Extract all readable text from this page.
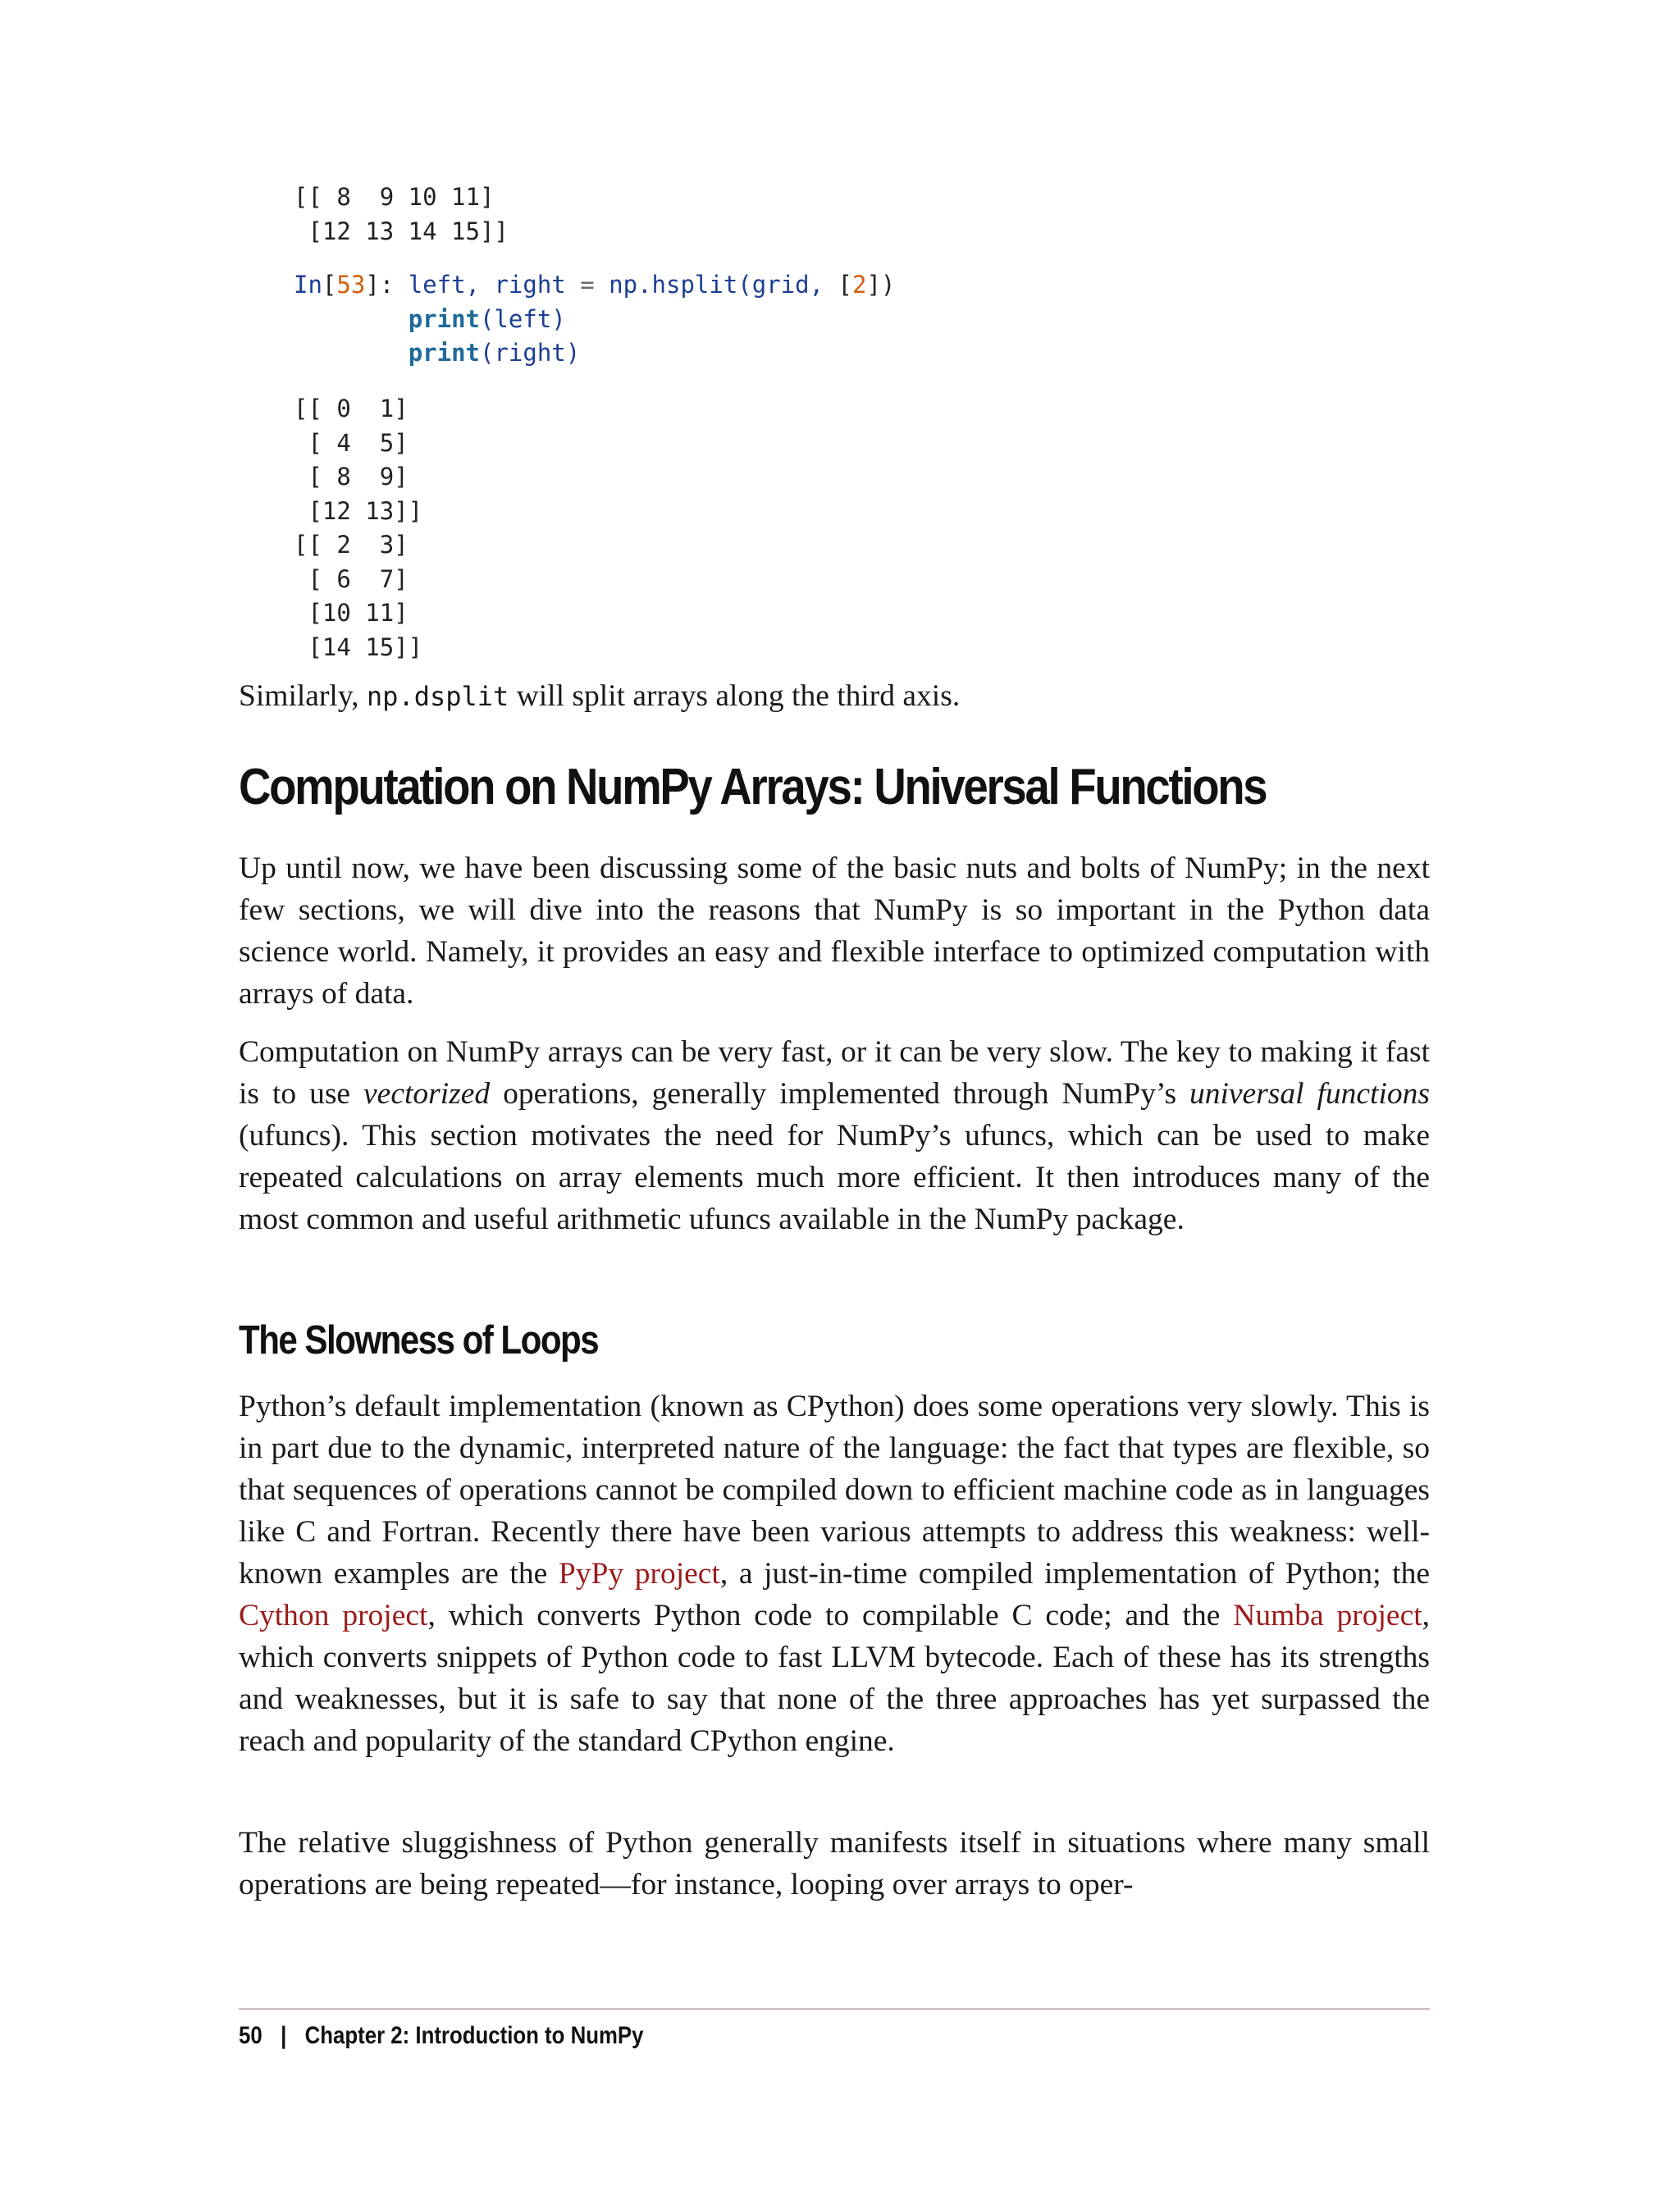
[[ 8  9 10 11]
[12 13 14 15]]
In[53]: left, right = np.hsplit(grid, [2])
print(left)
print(right)
[[ 0  1]
[ 4  5]
[ 8  9]
[12 13]]
[[ 2  3]
[ 6  7]
[10 11]
[14 15]]

Similarly, np.dsplit will split arrays along the third axis.

Computation on NumPy Arrays: Universal Functions

Up until now, we have been discussing some of the basic nuts and bolts of NumPy; in the next few sections, we will dive into the reasons that NumPy is so important in the Python data science world. Namely, it provides an easy and flexible interface to optimized computation with arrays of data.

Computation on NumPy arrays can be very fast, or it can be very slow. The key to making it fast is to use vectorized operations, generally implemented through NumPy’s universal functions (ufuncs). This section motivates the need for NumPy’s ufuncs, which can be used to make repeated calculations on array elements much more efficient. It then introduces many of the most common and useful arithmetic ufuncs available in the NumPy package.

The Slowness of Loops

Python’s default implementation (known as CPython) does some operations very slowly. This is in part due to the dynamic, interpreted nature of the language: the fact that types are flexible, so that sequences of operations cannot be compiled down to efficient machine code as in languages like C and Fortran. Recently there have been various attempts to address this weakness: well-known examples are the PyPy project, a just-in-time compiled implementation of Python; the Cython project, which converts Python code to compilable C code; and the Numba project, which converts snippets of Python code to fast LLVM bytecode. Each of these has its strengths and weaknesses, but it is safe to say that none of the three approaches has yet surpassed the reach and popularity of the standard CPython engine.

The relative sluggishness of Python generally manifests itself in situations where many small operations are being repeated—for instance, looping over arrays to oper-

50 | Chapter 2: Introduction to NumPy
